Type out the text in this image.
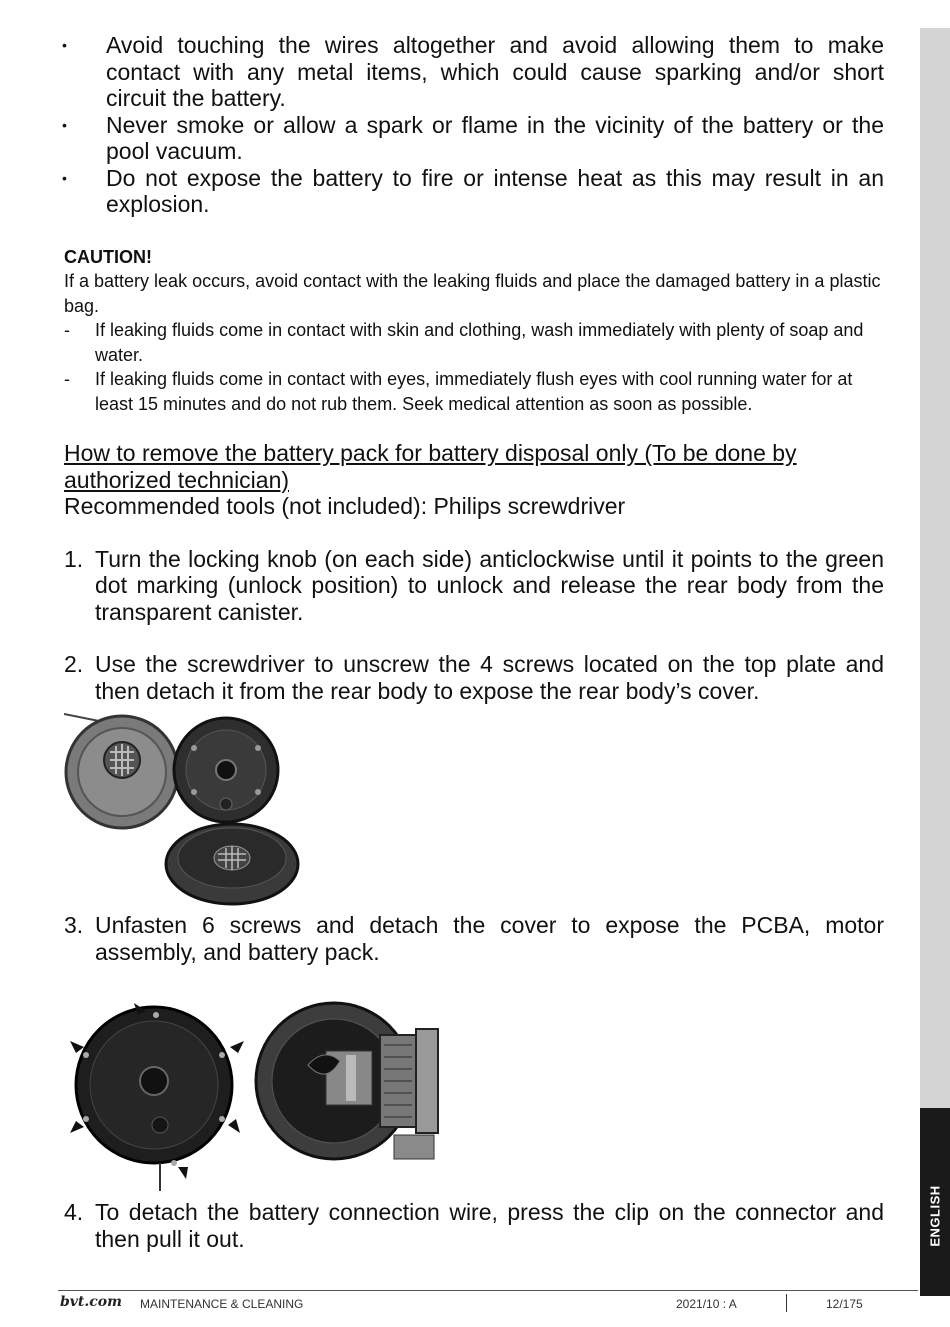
ENGLISH
• Avoid touching the wires altogether and avoid allowing them to make contact with any metal items, which could cause sparking and/or short circuit the battery.
• Never smoke or allow a spark or flame in the vicinity of the battery or the pool vacuum.
• Do not expose the battery to fire or intense heat as this may result in an explosion.
CAUTION!
If a battery leak occurs, avoid contact with the leaking fluids and place the damaged battery in a plastic bag.
- If leaking fluids come in contact with skin and clothing, wash immediately with plenty of soap and water.
- If leaking fluids come in contact with eyes, immediately flush eyes with cool running water for at least 15 minutes and do not rub them. Seek medical attention as soon as possible.
How to remove the battery pack for battery disposal only (To be done by authorized technician)
Recommended tools (not included): Philips screwdriver
1. Turn the locking knob (on each side) anticlockwise until it points to the green dot marking (unlock position) to unlock and release the rear body from the transparent canister.
2. Use the screwdriver to unscrew the 4 screws located on the top plate and then detach it from the rear body to expose the rear body’s cover.
3. Unfasten 6 screws and detach the cover to expose the PCBA, motor assembly, and battery pack.
4. To detach the battery connection wire, press the clip on the connector and then pull it out.
bvt.com MAINTENANCE & CLEANING	2021/10 : A	12/175
